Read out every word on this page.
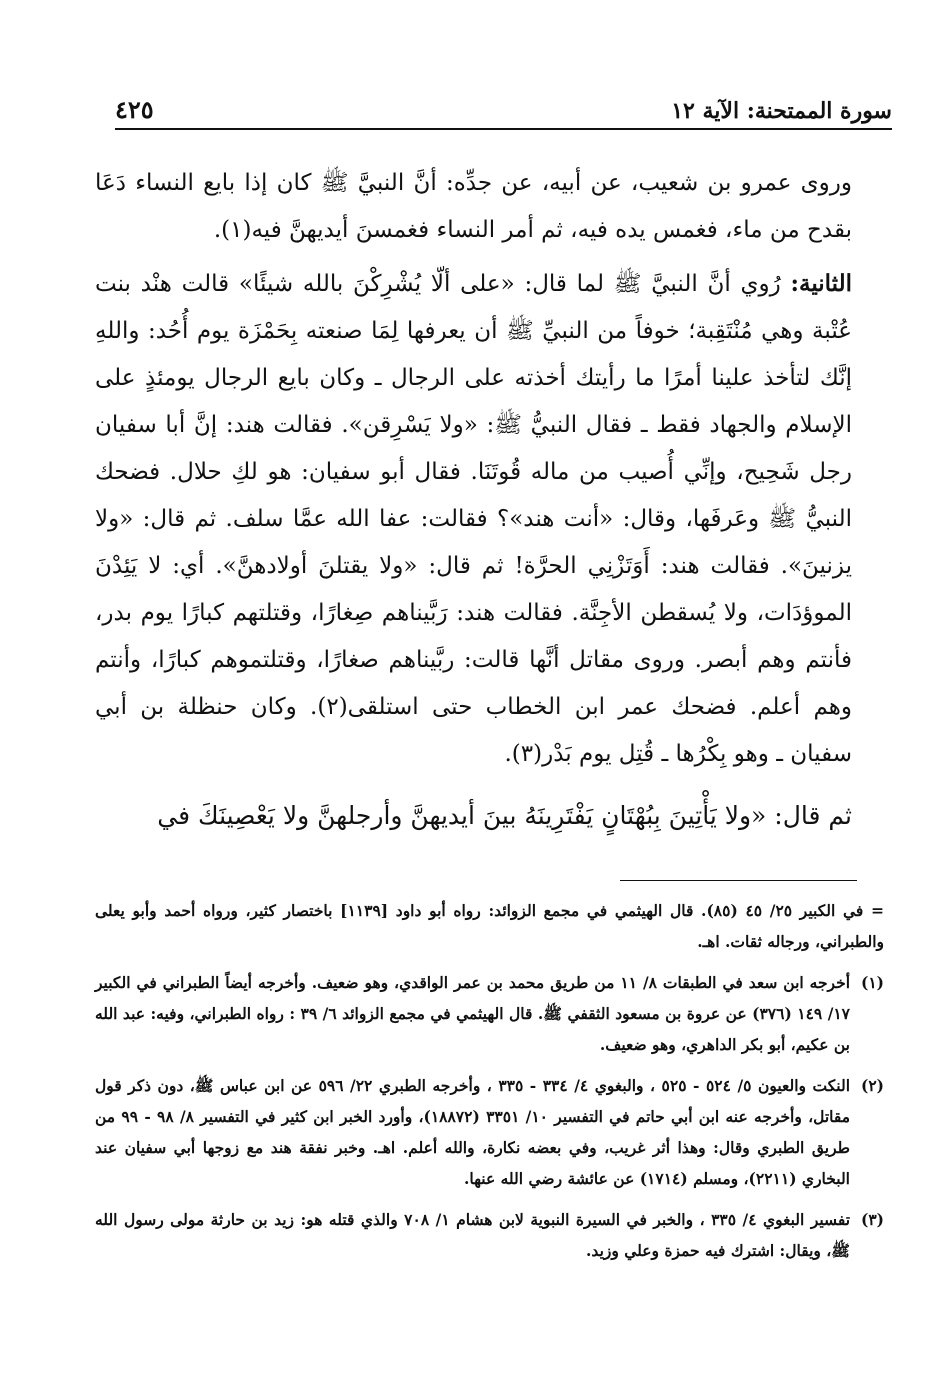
سورة الممتحنة: الآية ١٢
٤٢٥

وروى عمرو بن شعيب، عن أبيه، عن جدِّه: أنَّ النبيَّ ﷺ كان إذا بايع النساء دَعَا بقدح من ماء، فغمس يده فيه، ثم أمر النساء فغمسنَ أيديهنَّ فيه(١).

الثانية: رُوي أنَّ النبيَّ ﷺ لما قال: «على ألّا يُشْرِكْنَ بالله شيئًا» قالت هنْد بنت عُتْبة وهي مُنْتَقِبة؛ خوفاً من النبيِّ ﷺ أن يعرفها لِمَا صنعته بِحَمْزَة يوم أُحُد: واللهِ إنَّك لتأخذ علينا أمرًا ما رأيتك أخذته على الرجال ـ وكان بايع الرجال يومئذٍ على الإسلام والجهاد فقط ـ فقال النبيُّ ﷺ: «ولا يَسْرِقن». فقالت هند: إنَّ أبا سفيان رجل شَحِيح، وإنِّي أُصيب من ماله قُوتَنَا. فقال أبو سفيان: هو لكِ حلال. فضحك النبيُّ ﷺ وعَرفَها، وقال: «أنت هند»؟ فقالت: عفا الله عمَّا سلف. ثم قال: «ولا يزنينَ». فقالت هند: أَوَتَزْنِي الحرَّة! ثم قال: «ولا يقتلنَ أولادهنَّ». أي: لا يَئِدْنَ الموؤدَات، ولا يُسقطن الأجِنَّة. فقالت هند: رَبَّيناهم صِغارًا، وقتلتهم كبارًا يوم بدر، فأنتم وهم أبصر. وروى مقاتل أنَّها قالت: ربَّيناهم صغارًا، وقتلتموهم كبارًا، وأنتم وهم أعلم. فضحك عمر ابن الخطاب حتى استلقى(٢). وكان حنظلة بن أبي سفيان ـ وهو بِكْرُها ـ قُتِل يوم بَدْر(٣).

ثم قال: «ولا يَأْتِينَ بِبُهْتَانٍ يَفْتَرِينَهُ بينَ أيديهنَّ وأرجلهنَّ ولا يَعْصِينَكَ في

= في الكبير ٢٥/ ٤٥ (٨٥). قال الهيثمي في مجمع الزوائد: رواه أبو داود [١١٣٩] باختصار كثير، ورواه أحمد وأبو يعلى والطبراني، ورجاله ثقات. اهـ.
(١)
أخرجه ابن سعد في الطبقات ٨/ ١١ من طريق محمد بن عمر الواقدي، وهو ضعيف. وأخرجه أيضاً الطبراني في الكبير ١٧/ ١٤٩ (٣٧٦) عن عروة بن مسعود الثقفي ﷺ. قال الهيثمي في مجمع الزوائد ٦/ ٣٩ : رواه الطبراني، وفيه: عبد الله بن عكيم، أبو بكر الداهري، وهو ضعيف.
(٢)
النكت والعيون ٥/ ٥٢٤ - ٥٢٥ ، والبغوي ٤/ ٣٣٤ - ٣٣٥ ، وأخرجه الطبري ٢٢/ ٥٩٦ عن ابن عباس ﷺ، دون ذكر قول مقاتل، وأخرجه عنه ابن أبي حاتم في التفسير ١٠/ ٣٣٥١ (١٨٨٧٢)، وأورد الخبر ابن كثير في التفسير ٨/ ٩٨ - ٩٩ من طريق الطبري وقال: وهذا أثر غريب، وفي بعضه نكارة، والله أعلم. اهـ. وخبر نفقة هند مع زوجها أبي سفيان عند البخاري (٢٢١١)، ومسلم (١٧١٤) عن عائشة رضي الله عنها.
(٣)
تفسير البغوي ٤/ ٣٣٥ ، والخبر في السيرة النبوية لابن هشام ١/ ٧٠٨ والذي قتله هو: زيد بن حارثة مولى رسول الله ﷺ، ويقال: اشترك فيه حمزة وعلي وزيد.
